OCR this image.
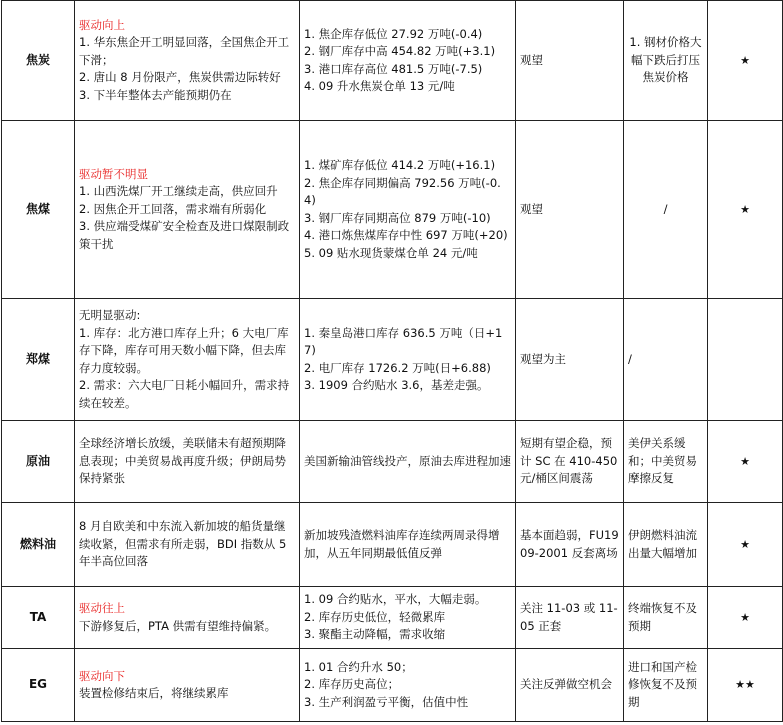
焦炭	驱动向上
1. 华东焦企开工明显回落，全国焦企开工下滑；
2. 唐山 8 月份限产，焦炭供需边际转好
3. 下半年整体去产能预期仍在	1. 焦企库存低位 27.92 万吨(-0.4)
2. 钢厂库存中高 454.82 万吨(+3.1)
3. 港口库存高位 481.5 万吨(-7.5)
4. 09 升水焦炭仓单 13 元/吨	观望	1. 钢材价格大幅下跌后打压焦炭价格	★
焦煤	驱动暂不明显
1. 山西洗煤厂开工继续走高，供应回升
2. 因焦企开工回落，需求端有所弱化
3. 供应端受煤矿安全检查及进口煤限制政策干扰	1. 煤矿库存低位 414.2 万吨(+16.1)
2. 焦企库存同期偏高 792.56 万吨(-0.4)
3. 钢厂库存同期高位 879 万吨(-10)
4. 港口炼焦煤库存中性 697 万吨(+20)
5. 09 贴水现货蒙煤仓单 24 元/吨	观望	/	★
郑煤	无明显驱动:
1. 库存：北方港口库存上升；6 大电厂库存下降，库存可用天数小幅下降，但去库存力度较弱。
2. 需求：六大电厂日耗小幅回升，需求持续在较差。	1. 秦皇岛港口库存 636.5 万吨（日+17)
2. 电厂库存 1726.2 万吨(日+6.88)
3. 1909 合约贴水 3.6，基差走强。	观望为主	/	

原油	全球经济增长放缓，美联储未有超预期降息表现；中美贸易战再度升级；伊朗局势保持紧张	美国新输油管线投产，原油去库进程加速	短期有望企稳，预计 SC 在 410-450 元/桶区间震荡	美伊关系缓和；中美贸易摩擦反复	★
燃料油	8 月自欧美和中东流入新加坡的船货量继续收紧，但需求有所走弱，BDI 指数从 5 年半高位回落	新加坡残渣燃料油库存连续两周录得增加，从五年同期最低值反弹	基本面趋弱，FU1909-2001 反套离场	伊朗燃料油流出量大幅增加	★
TA	驱动往上
下游修复后，PTA 供需有望维持偏紧。	1. 09 合约贴水，平水，大幅走弱。
2. 库存历史低位，轻微累库
3. 聚酯主动降幅，需求收缩	关注 11-03 或 11-05 正套	终端恢复不及预期	★
EG	驱动向下
装置检修结束后，将继续累库	1. 01 合约升水 50；
2. 库存历史高位；
3. 生产利润盈亏平衡，估值中性	关注反弹做空机会	进口和国产检修恢复不及预期	★★
